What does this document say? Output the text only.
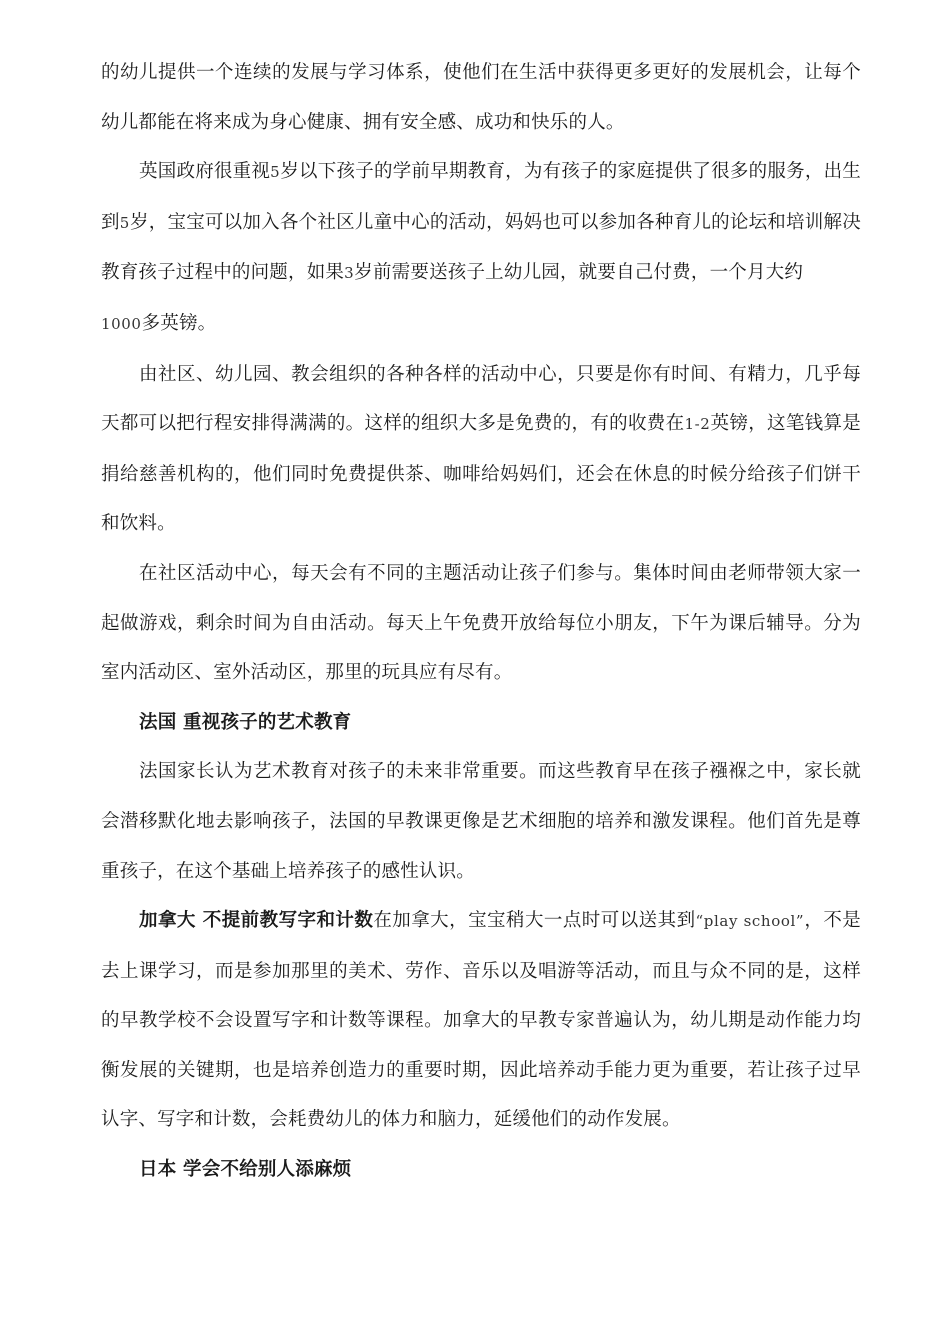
的幼儿提供一个连续的发展与学习体系，使他们在生活中获得更多更好的发展机会，让每个幼儿都能在将来成为身心健康、拥有安全感、成功和快乐的人。

英国政府很重视5岁以下孩子的学前早期教育，为有孩子的家庭提供了很多的服务，出生到5岁，宝宝可以加入各个社区儿童中心的活动，妈妈也可以参加各种育儿的论坛和培训解决教育孩子过程中的问题，如果3岁前需要送孩子上幼儿园，就要自己付费，一个月大约
1000多英镑。

由社区、幼儿园、教会组织的各种各样的活动中心，只要是你有时间、有精力，几乎每天都可以把行程安排得满满的。这样的组织大多是免费的，有的收费在1-2英镑，这笔钱算是捐给慈善机构的，他们同时免费提供茶、咖啡给妈妈们，还会在休息的时候分给孩子们饼干和饮料。

在社区活动中心，每天会有不同的主题活动让孩子们参与。集体时间由老师带领大家一起做游戏，剩余时间为自由活动。每天上午免费开放给每位小朋友，下午为课后辅导。分为室内活动区、室外活动区，那里的玩具应有尽有。

法国 重视孩子的艺术教育

法国家长认为艺术教育对孩子的未来非常重要。而这些教育早在孩子襁褓之中，家长就会潜移默化地去影响孩子，法国的早教课更像是艺术细胞的培养和激发课程。他们首先是尊重孩子，在这个基础上培养孩子的感性认识。

加拿大 不提前教写字和计数在加拿大，宝宝稍大一点时可以送其到“play school”，不是去上课学习，而是参加那里的美术、劳作、音乐以及唱游等活动，而且与众不同的是，这样的早教学校不会设置写字和计数等课程。加拿大的早教专家普遍认为，幼儿期是动作能力均衡发展的关键期，也是培养创造力的重要时期，因此培养动手能力更为重要，若让孩子过早认字、写字和计数，会耗费幼儿的体力和脑力，延缓他们的动作发展。

日本 学会不给别人添麻烦
